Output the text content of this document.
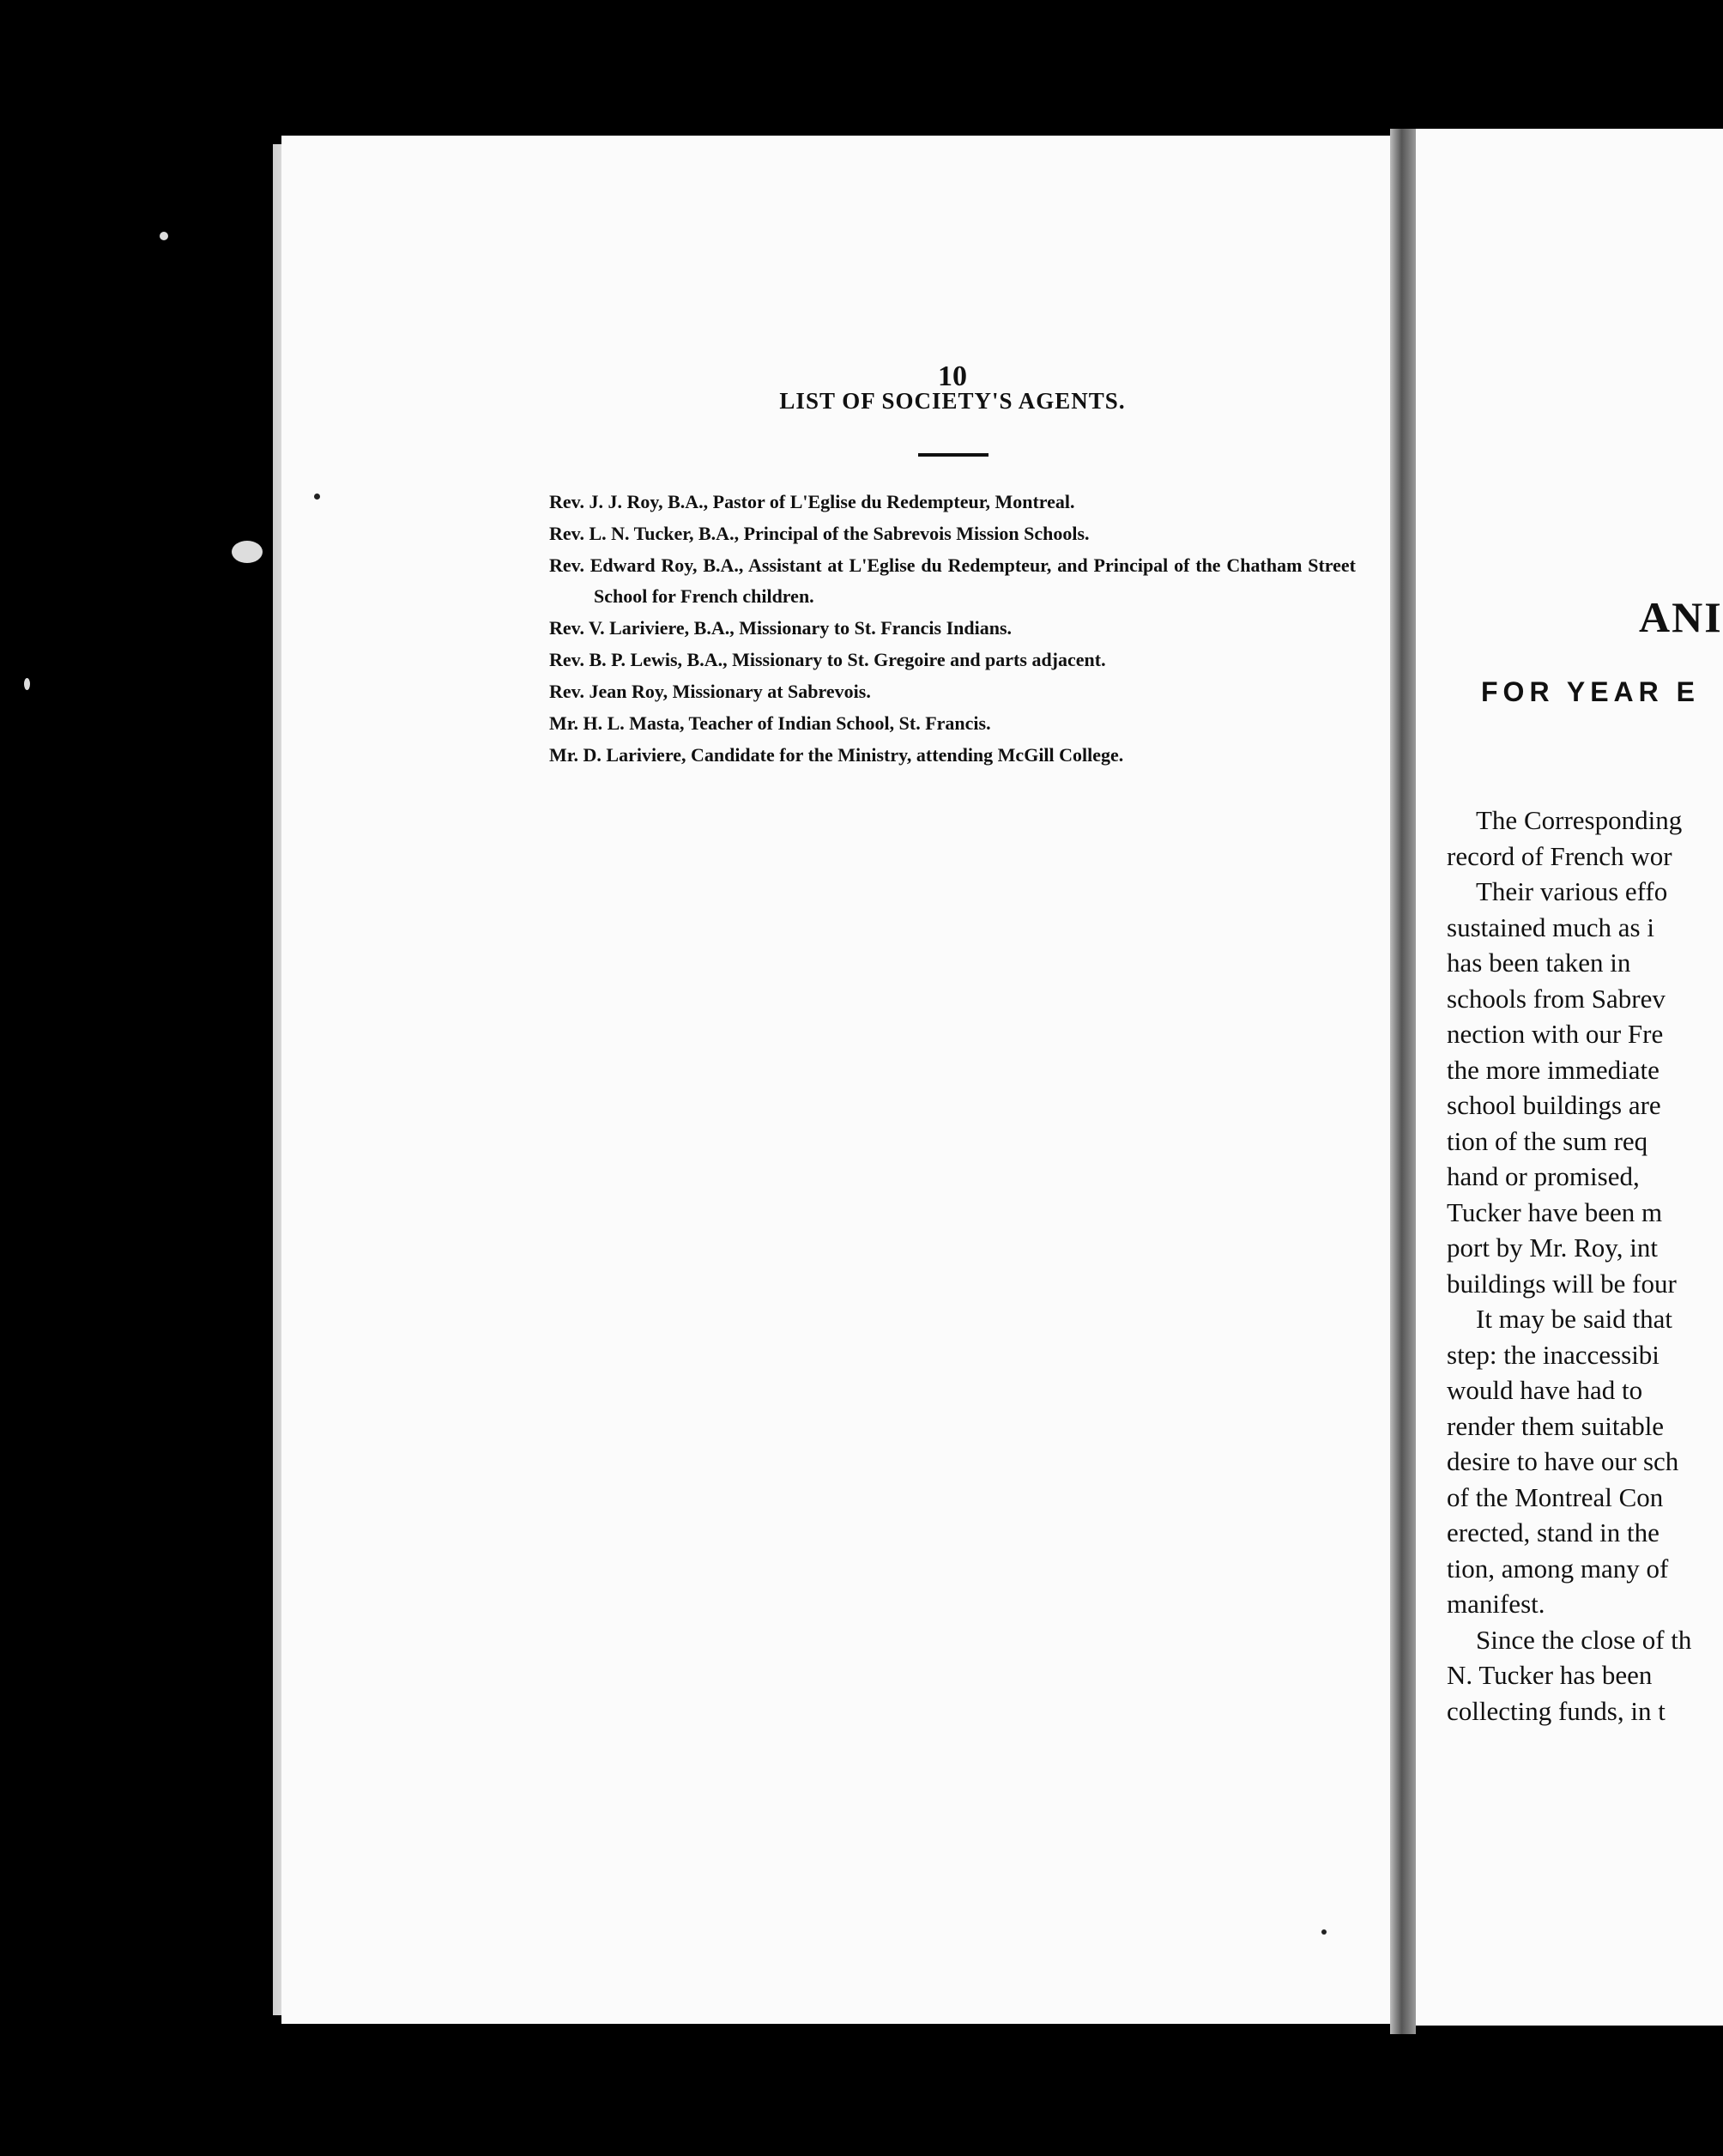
10
LIST OF SOCIETY'S AGENTS.
Rev. J. J. Roy, B.A., Pastor of L'Eglise du Redempteur, Montreal.
Rev. L. N. Tucker, B.A., Principal of the Sabrevois Mission Schools.
Rev. Edward Roy, B.A., Assistant at L'Eglise du Redempteur, and Principal of the Chatham Street School for French children.
Rev. V. Lariviere, B.A., Missionary to St. Francis Indians.
Rev. B. P. Lewis, B.A., Missionary to St. Gregoire and parts adjacent.
Rev. Jean Roy, Missionary at Sabrevois.
Mr. H. L. Masta, Teacher of Indian School, St. Francis.
Mr. D. Lariviere, Candidate for the Ministry, attending McGill College.
ANI
FOR YEAR E
The Corresponding
record of French wor
Their various effo
sustained much as i
has been taken in
schools from Sabrev
nection with our Fre
the more immediate
school buildings are
tion of the sum req
hand or promised,
Tucker have been m
port by Mr. Roy, int
buildings will be four
It may be said that
step: the inaccessibi
would have had to
render them suitable
desire to have our sch
of the Montreal Con
erected, stand in the
tion, among many of
manifest.
Since the close of th
N. Tucker has been
collecting funds, in t
